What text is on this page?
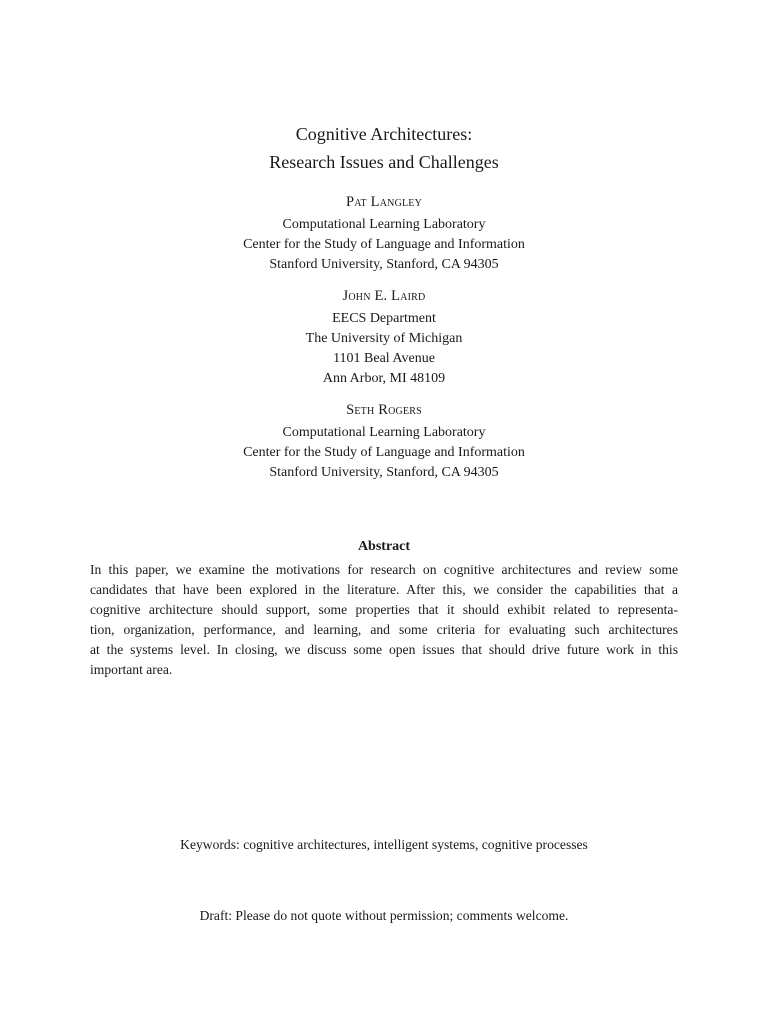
Cognitive Architectures:

Research Issues and Challenges

Pat Langley
Computational Learning Laboratory
Center for the Study of Language and Information
Stanford University, Stanford, CA 94305
John E. Laird
EECS Department
The University of Michigan
1101 Beal Avenue
Ann Arbor, MI 48109
Seth Rogers
Computational Learning Laboratory
Center for the Study of Language and Information
Stanford University, Stanford, CA 94305
Abstract
In this paper, we examine the motivations for research on cognitive architectures and review some
candidates that have been explored in the literature. After this, we consider the capabilities that a
cognitive architecture should support, some properties that it should exhibit related to representa-
tion, organization, performance, and learning, and some criteria for evaluating such architectures
at the systems level. In closing, we discuss some open issues that should drive future work in this
important area.
Keywords: cognitive architectures, intelligent systems, cognitive processes
Draft: Please do not quote without permission; comments welcome.
